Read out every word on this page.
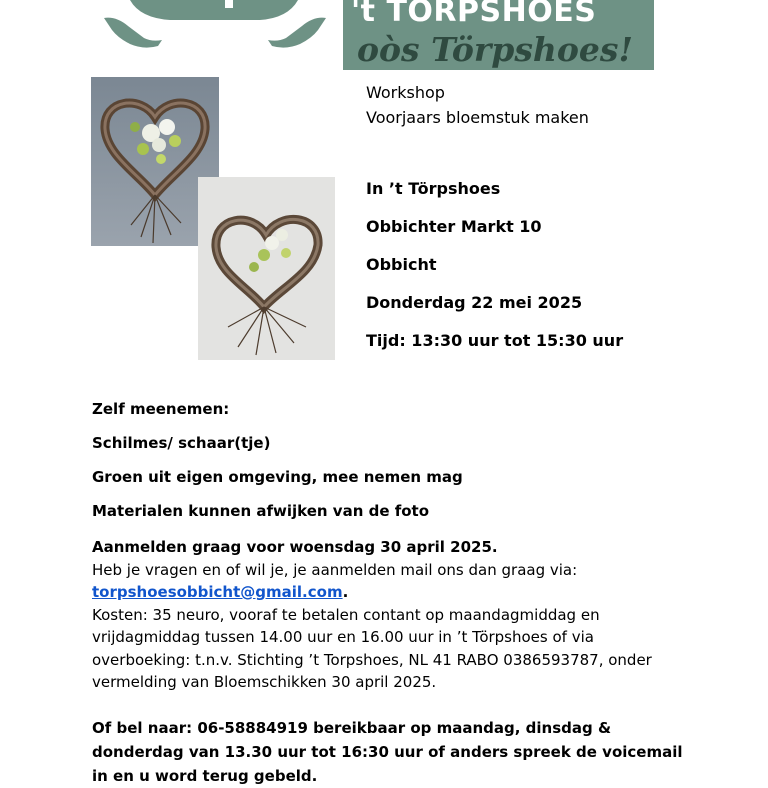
't TORPSHOES
oòs Törpshoes!
Workshop
Voorjaars bloemstuk maken
In ’t Törpshoes
Obbichter Markt 10
Obbicht
Donderdag 22 mei 2025
Tijd: 13:30 uur tot 15:30 uur
Zelf meenemen:
Schilmes/ schaar(tje)
Groen uit eigen omgeving, mee nemen mag
Materialen kunnen afwijken van de foto

Aanmelden graag voor woensdag 30 april 2025.
Heb je vragen en of wil je, je aanmelden mail ons dan graag via:
torpshoesobbicht@gmail.com.
Kosten: 35 neuro, vooraf te betalen contant op maandagmiddag en vrijdagmiddag tussen 14.00 uur en 16.00 uur in ’t Törpshoes of via overboeking: t.n.v. Stichting ’t Torpshoes, NL 41 RABO 0386593787, onder vermelding van Bloemschikken 30 april 2025.

Of bel naar: 06-58884919 bereikbaar op maandag, dinsdag & donderdag van 13.30 uur tot 16:30 uur of anders spreek de voicemail in en u word terug gebeld.
